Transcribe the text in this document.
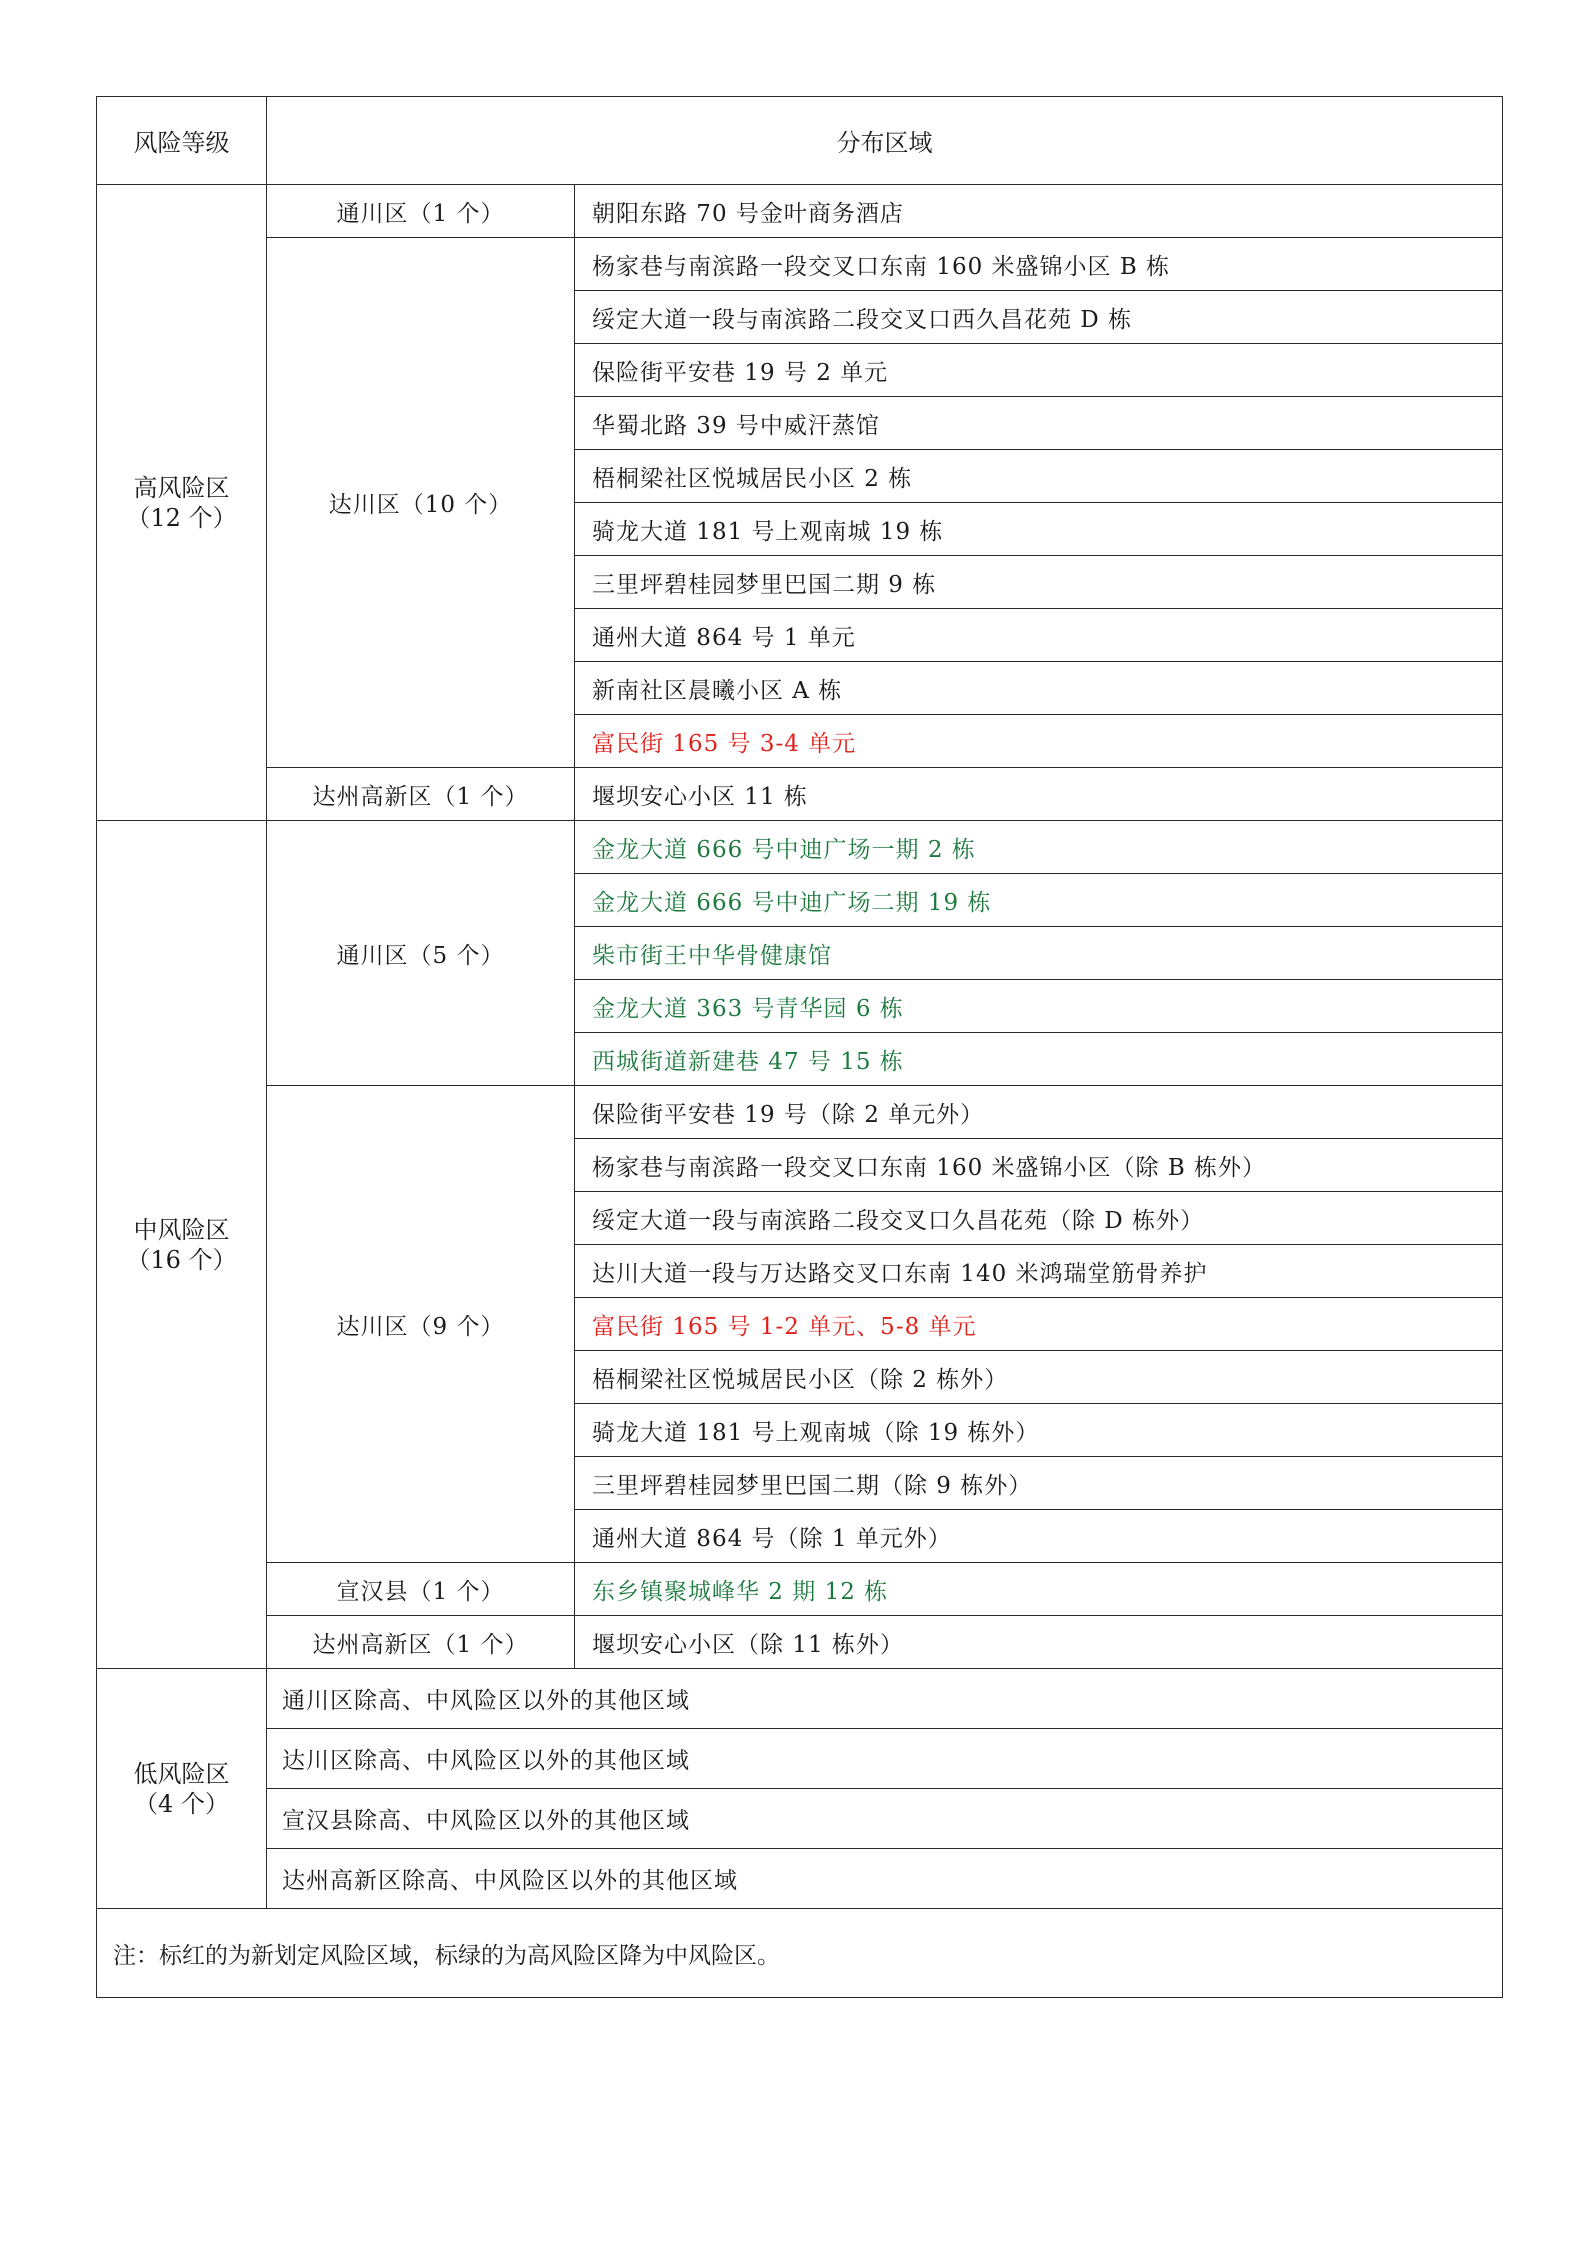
风险等级	分布区域	

高风险区
（12 个）	通川区（1 个）	朝阳东路 70 号金叶商务酒店
	达川区（10 个）	杨家巷与南滨路一段交叉口东南 160 米盛锦小区 B 栋
		绥定大道一段与南滨路二段交叉口西久昌花苑 D 栋
		保险街平安巷 19 号 2 单元
		华蜀北路 39 号中威汗蒸馆
		梧桐梁社区悦城居民小区 2 栋
		骑龙大道 181 号上观南城 19 栋
		三里坪碧桂园梦里巴国二期 9 栋
		通州大道 864 号 1 单元
		新南社区晨曦小区 A 栋
		富民街 165 号 3-4 单元
	达州高新区（1 个）	堰坝安心小区 11 栋

中风险区
（16 个）	通川区（5 个）	金龙大道 666 号中迪广场一期 2 栋
		金龙大道 666 号中迪广场二期 19 栋
		柴市街王中华骨健康馆
		金龙大道 363 号青华园 6 栋
		西城街道新建巷 47 号 15 栋
	达川区（9 个）	保险街平安巷 19 号（除 2 单元外）
		杨家巷与南滨路一段交叉口东南 160 米盛锦小区（除 B 栋外）
		绥定大道一段与南滨路二段交叉口久昌花苑（除 D 栋外）
		达川大道一段与万达路交叉口东南 140 米鸿瑞堂筋骨养护
		富民街 165 号 1-2 单元、5-8 单元
		梧桐梁社区悦城居民小区（除 2 栋外）
		骑龙大道 181 号上观南城（除 19 栋外）
		三里坪碧桂园梦里巴国二期（除 9 栋外）
		通州大道 864 号（除 1 单元外）
	宣汉县（1 个）	东乡镇聚城峰华 2 期 12 栋
	达州高新区（1 个）	堰坝安心小区（除 11 栋外）

低风险区
（4 个）	通川区除高、中风险区以外的其他区域	
	达川区除高、中风险区以外的其他区域	
	宣汉县除高、中风险区以外的其他区域	
	达州高新区除高、中风险区以外的其他区域	
注：标红的为新划定风险区域，标绿的为高风险区降为中风险区。		
